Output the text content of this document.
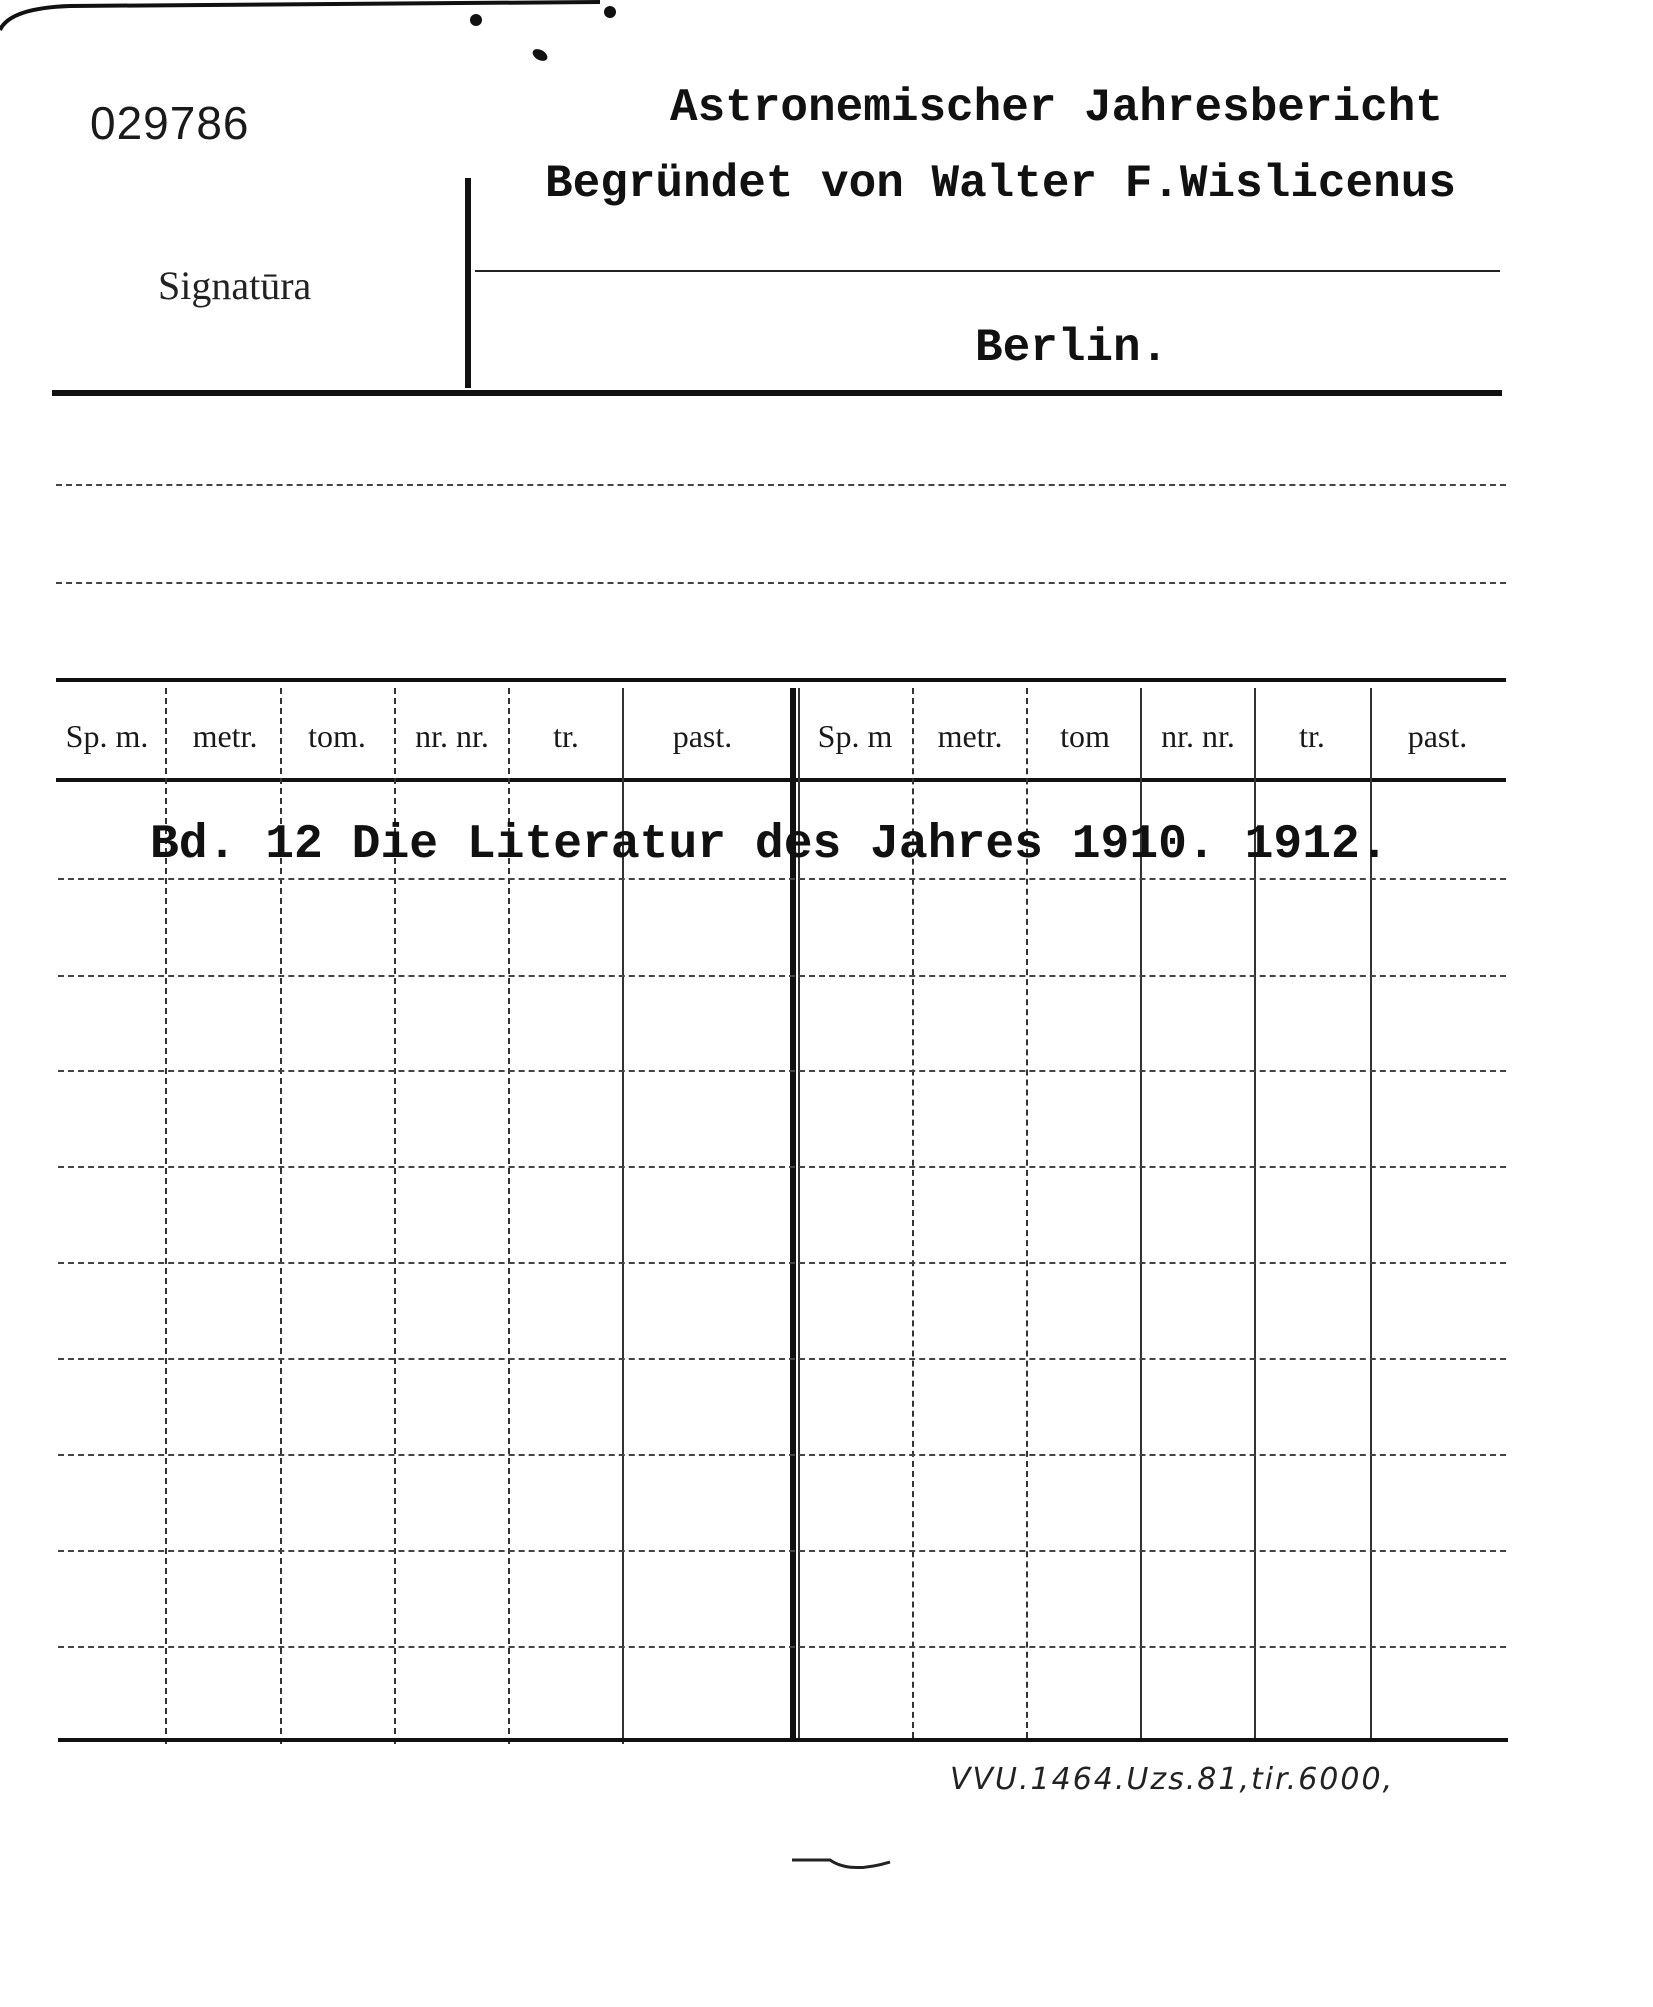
029786
Signatūra
Astronemischer Jahresbericht
Begründet von Walter F.Wislicenus
Berlin.
Sp. m.	metr.	tom.	nr. nr.	tr.	past.	Sp. m	metr.	tom	nr. nr.	tr.	past.
Bd. 12 Die Literatur des Jahres 1910. 1912.
VVU.1464.Uzs.81,tir.6000,
